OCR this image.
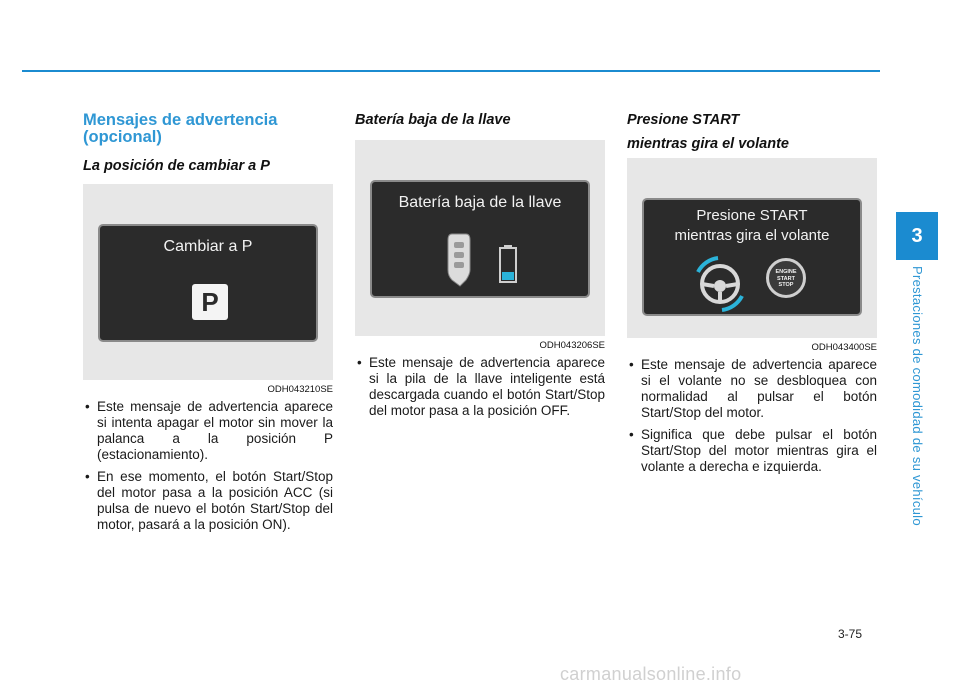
Mensajes de advertencia
(opcional)
La posición de cambiar a P
Cambiar a P
P
ODH043210SE
• Este mensaje de advertencia aparece si intenta apagar el motor sin mover la palanca a la posición P (estacionamiento).
• En ese momento, el botón Start/Stop del motor pasa a la posición ACC (si pulsa de nuevo el botón Start/Stop del motor, pasará a la posición ON).
Batería baja de la llave
Batería baja de la llave
ODH043206SE
• Este mensaje de advertencia aparece si la pila de la llave inteligente está descargada cuando el botón Start/Stop del motor pasa a la posición OFF.
Presione START
mientras gira el volante
Presione START
mientras gira el volante
ENGINE
START
STOP
ODH043400SE
• Este mensaje de advertencia aparece si el volante no se desbloquea con normalidad al pulsar el botón Start/Stop del motor.
• Significa que debe pulsar el botón Start/Stop del motor mientras gira el volante a derecha e izquierda.
3
Prestaciones de comodidad de su vehículo
3-75
carmanualsonline.info
